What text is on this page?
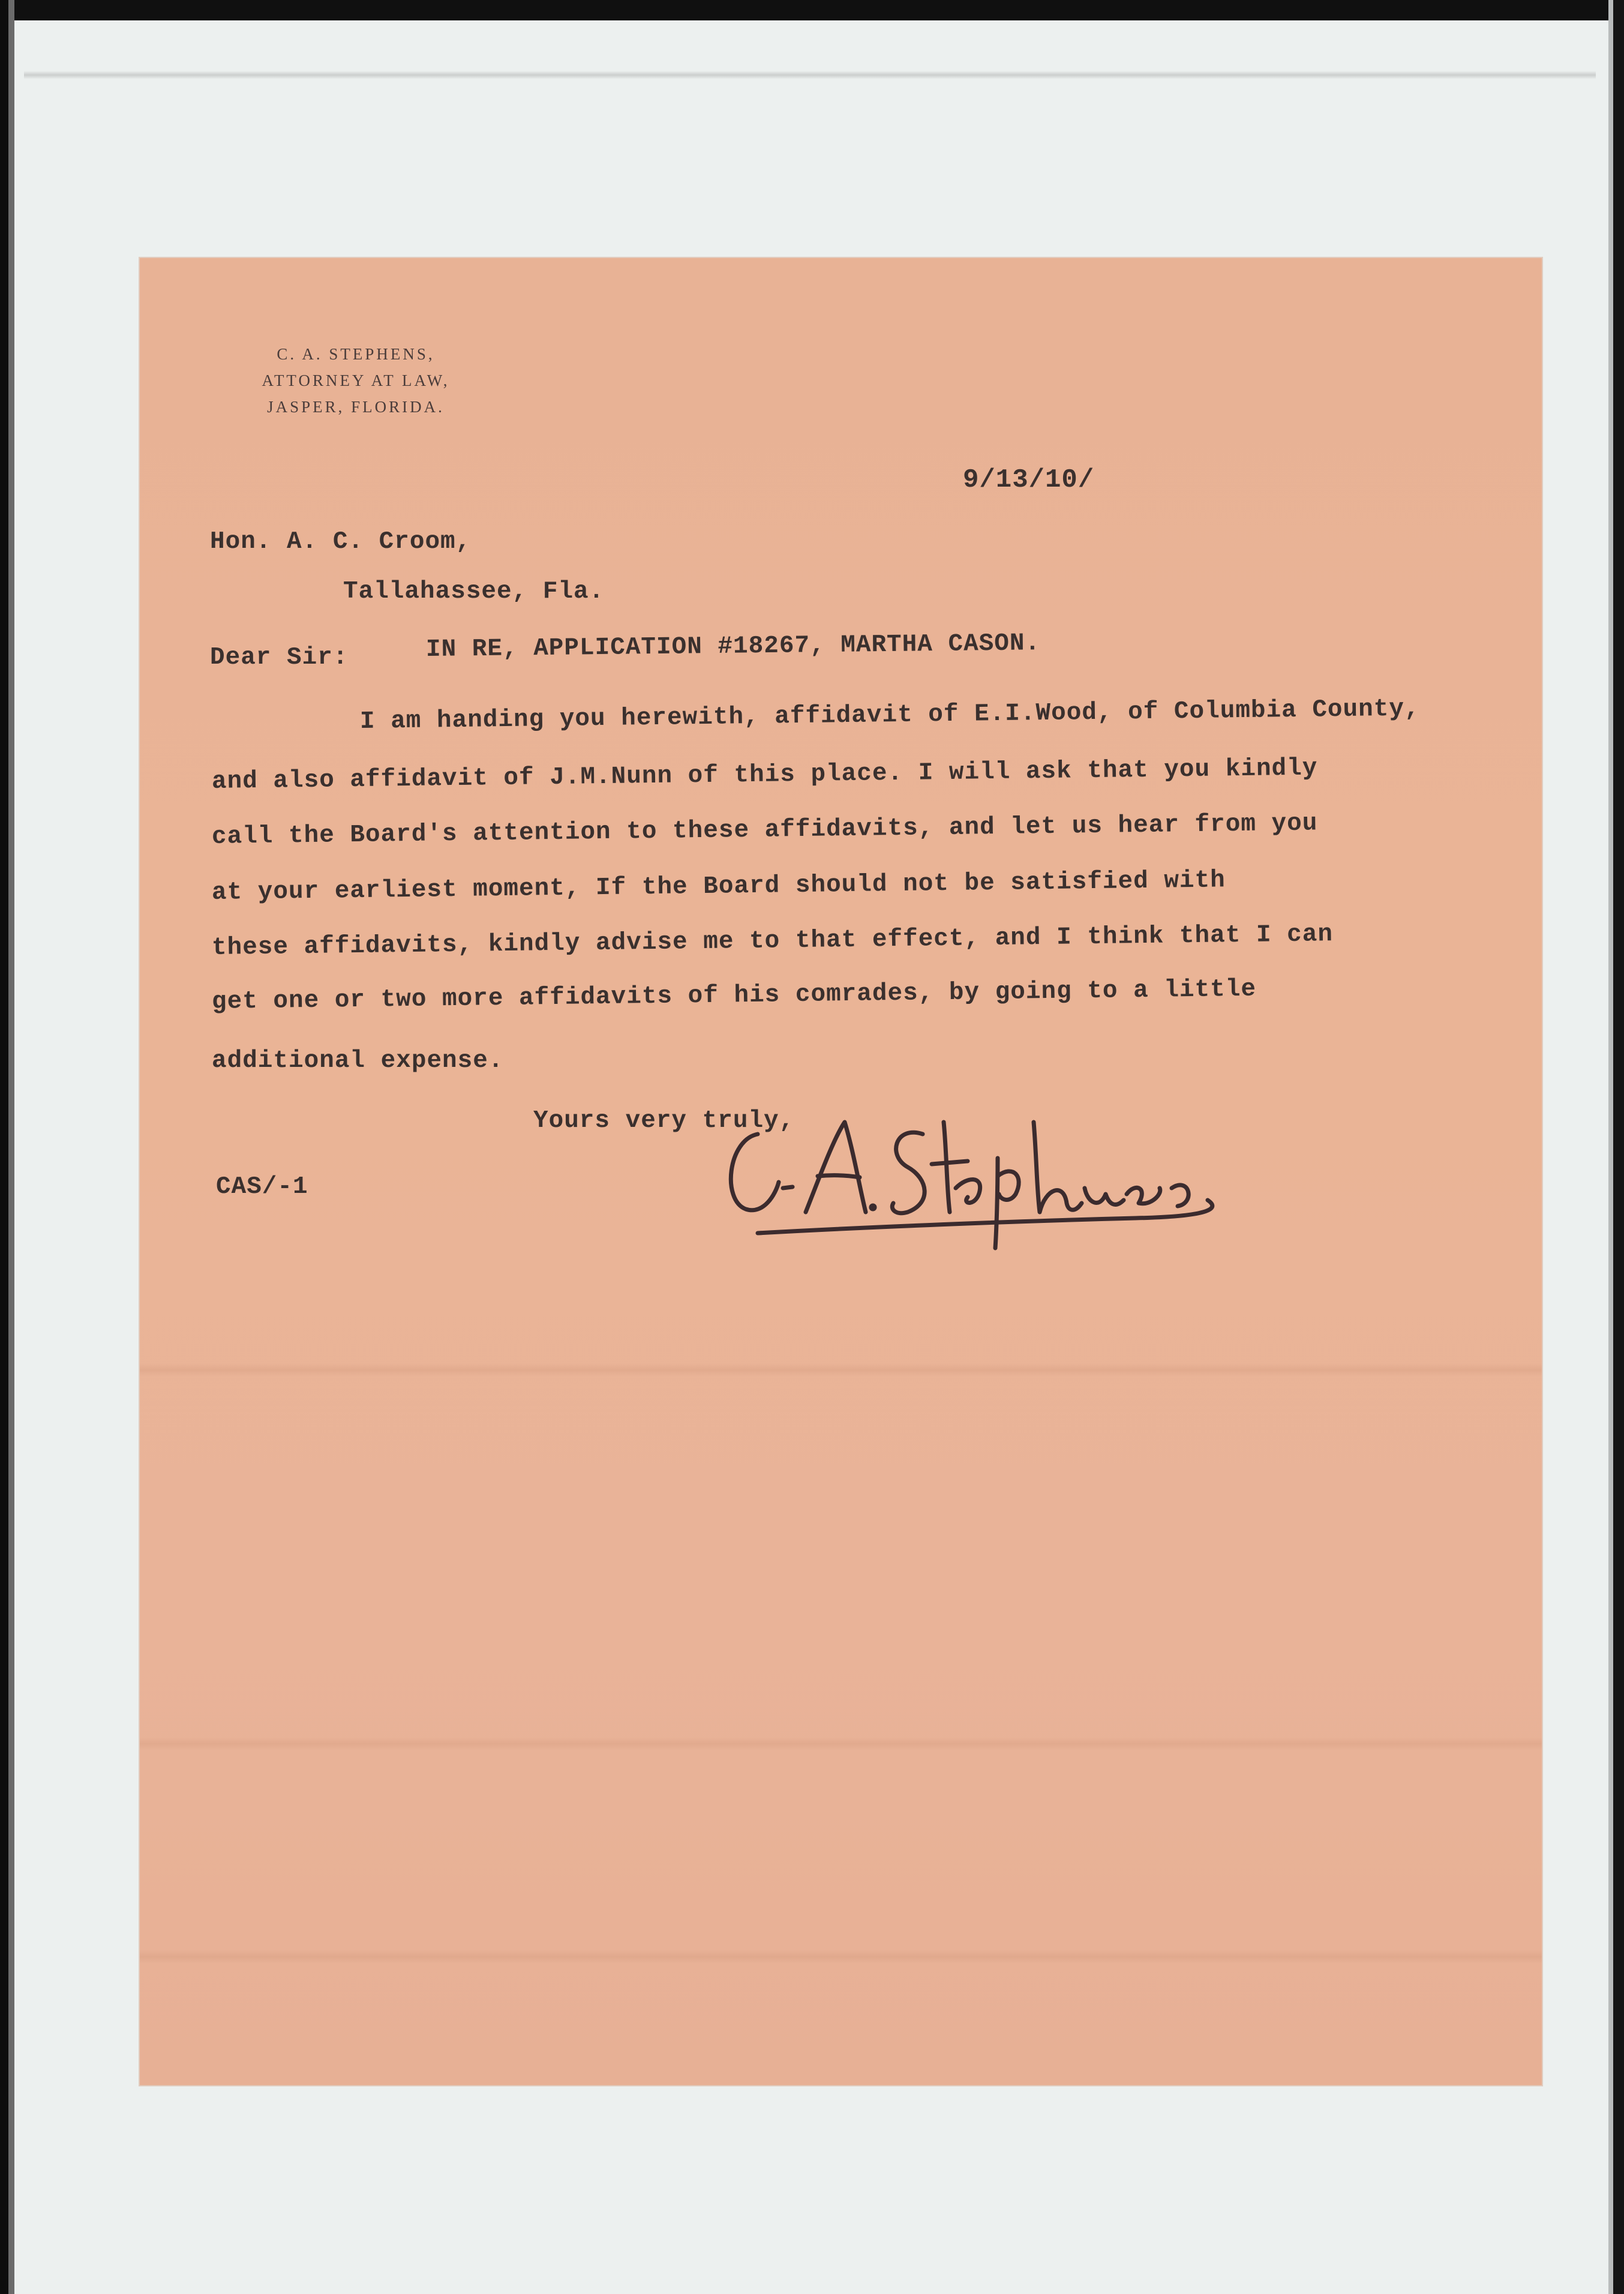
C. A. STEPHENS,
ATTORNEY AT LAW,
JASPER, FLORIDA.
9/13/10/
Hon. A. C. Croom,
Tallahassee, Fla.
Dear Sir:	IN RE, APPLICATION #18267, MARTHA CASON.
I am handing you herewith, affidavit of E.I.Wood, of Columbia County,
and also affidavit of J.M.Nunn of this place. I will ask that you kindly
call the Board's attention to these affidavits, and let us hear from you
at your earliest moment, If the Board should not be satisfied with
these affidavits, kindly advise me to that effect, and I think that I can
get one or two more affidavits of his comrades, by going to a little
additional expense.
Yours very truly,
CAS/-1
